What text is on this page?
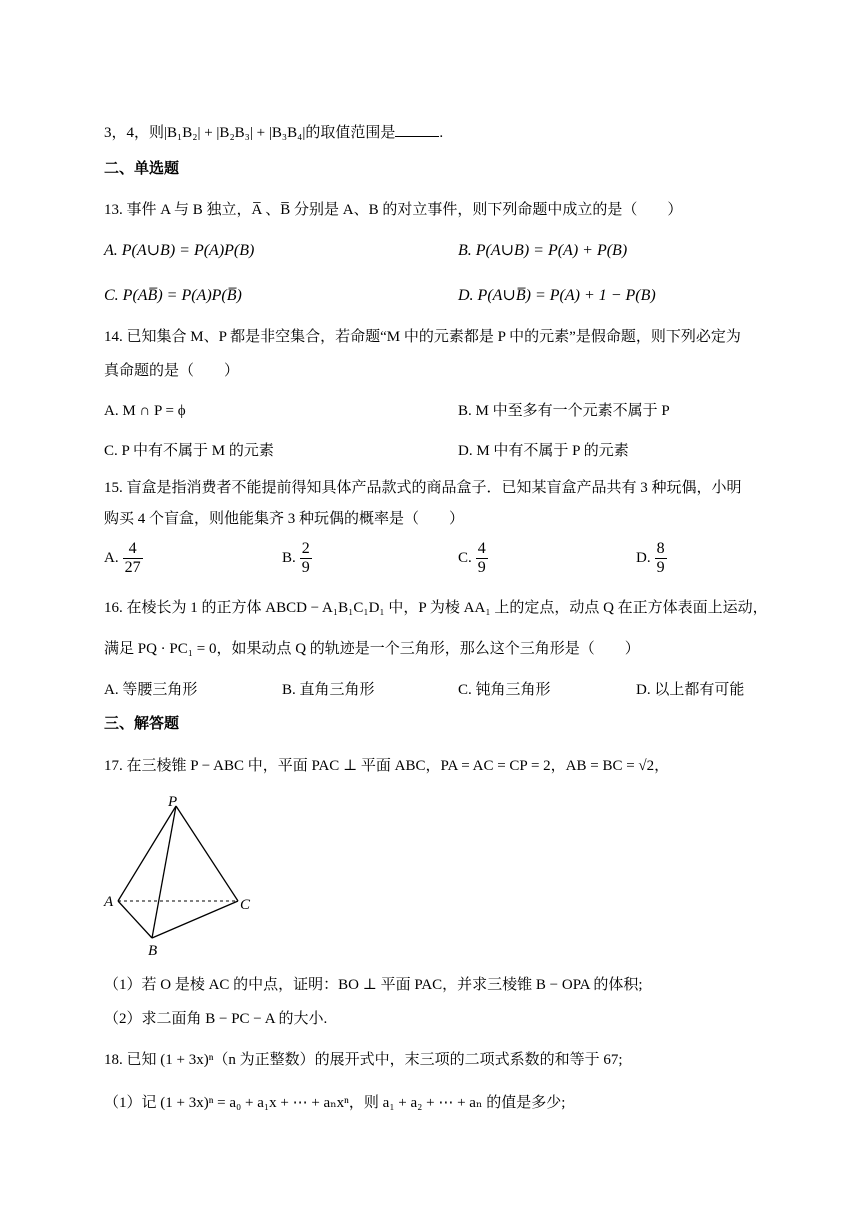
3，4，则|B₁B₂| + |B₂B₃| + |B₃B₄|的取值范围是	.
二、单选题
13. 事件 A 与 B 独立，A̅ 、B̅ 分别是 A、B 的对立事件，则下列命题中成立的是（　　）
A. P(A∪B) = P(A)P(B)	B. P(A∪B) = P(A) + P(B)
C. P(AB̅) = P(A)P(B̅)	D. P(A∪B̅) = P(A) + 1 − P(B)
14. 已知集合 M、P 都是非空集合，若命题“M 中的元素都是 P 中的元素”是假命题，则下列必定为
真命题的是（　　）
A. M ∩ P = ϕ	B. M 中至多有一个元素不属于 P
C. P 中有不属于 M 的元素	D. M 中有不属于 P 的元素
15. 盲盒是指消费者不能提前得知具体产品款式的商品盒子．已知某盲盒产品共有 3 种玩偶，小明
购买 4 个盲盒，则他能集齐 3 种玩偶的概率是（　　）
A. $\frac{4}{27}$	B. $\frac{2}{9}$	C. $\frac{4}{9}$	D. $\frac{8}{9}$
16. 在棱长为 1 的正方体 ABCD − A₁B₁C₁D₁ 中，P 为棱 AA₁ 上的定点，动点 Q 在正方体表面上运动，
满足 PQ · PC₁ = 0，如果动点 Q 的轨迹是一个三角形，那么这个三角形是（　　）
A. 等腰三角形	B. 直角三角形	C. 钝角三角形	D. 以上都有可能
三、解答题
17. 在三棱锥 P − ABC 中，平面 PAC ⊥ 平面 ABC，PA = AC = CP = 2，AB = BC = √2，
P
A
B
C
（1）若 O 是棱 AC 的中点，证明：BO ⊥ 平面 PAC，并求三棱锥 B − OPA 的体积;
（2）求二面角 B − PC − A 的大小.
18. 已知 (1 + 3x)ⁿ（n 为正整数）的展开式中，末三项的二项式系数的和等于 67;
（1）记 (1 + 3x)ⁿ = a₀ + a₁x + ⋯ + aₙxⁿ，则 a₁ + a₂ + ⋯ + aₙ 的值是多少;
